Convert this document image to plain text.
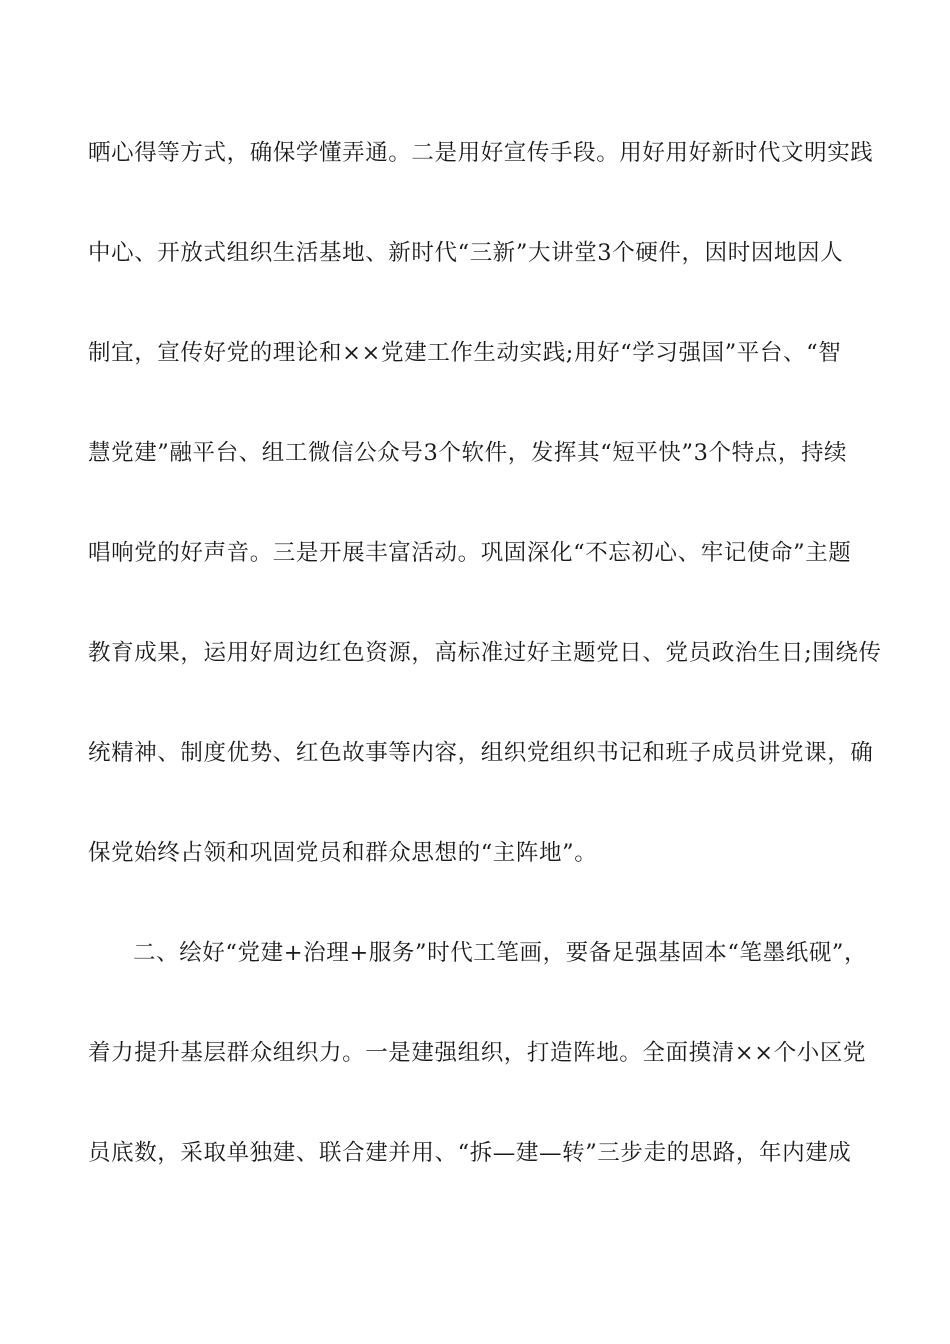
晒心得等方式，确保学懂弄通。二是用好宣传手段。用好用好新时代文明实践
中心、开放式组织生活基地、新时代“三新”大讲堂3个硬件，因时因地因人
制宜，宣传好党的理论和××党建工作生动实践;用好“学习强国”平台、“智
慧党建”融平台、组工微信公众号3个软件，发挥其“短平快”3个特点，持续
唱响党的好声音。三是开展丰富活动。巩固深化“不忘初心、牢记使命”主题
教育成果，运用好周边红色资源，高标准过好主题党日、党员政治生日;围绕传
统精神、制度优势、红色故事等内容，组织党组织书记和班子成员讲党课，确
保党始终占领和巩固党员和群众思想的“主阵地”。
二、绘好“党建+治理+服务”时代工笔画，要备足强基固本“笔墨纸砚”，
着力提升基层群众组织力。一是建强组织，打造阵地。全面摸清××个小区党
员底数，采取单独建、联合建并用、“拆—建—转”三步走的思路，年内建成
